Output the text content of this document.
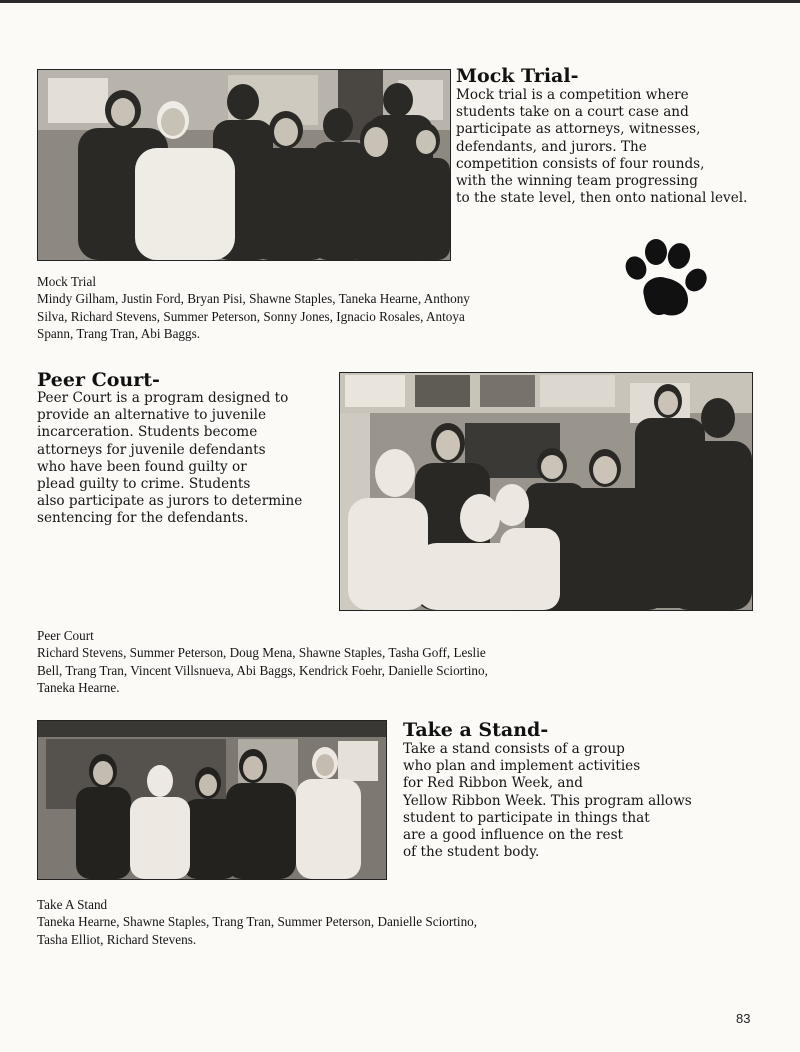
Mock Trial-
Mock trial is a competition where
students take on a court case and
participate as attorneys, witnesses,
defendants, and jurors. The
competition consists of four rounds,
with the winning team progressing
to the state level, then onto national level.
Mock Trial
Mindy Gilham, Justin Ford, Bryan Pisi, Shawne Staples, Taneka Hearne, Anthony
Silva, Richard Stevens, Summer Peterson, Sonny Jones, Ignacio Rosales, Antoya
Spann, Trang Tran, Abi Baggs.
Peer Court-
Peer Court is a program designed to
provide an alternative to juvenile
incarceration. Students become
attorneys for juvenile defendants
who have been found guilty or
plead guilty to crime. Students
also participate as jurors to determine
sentencing for the defendants.
Peer Court
Richard Stevens, Summer Peterson, Doug Mena, Shawne Staples, Tasha Goff, Leslie
Bell, Trang Tran, Vincent Villsnueva, Abi Baggs, Kendrick Foehr, Danielle Sciortino,
Taneka Hearne.
Take a Stand-
Take a stand consists of a group
who plan and implement activities
for Red Ribbon Week, and
Yellow Ribbon Week. This program allows
student to participate in things that
are a good influence on the rest
of the student body.
Take A Stand
Taneka Hearne, Shawne Staples, Trang Tran, Summer Peterson, Danielle Sciortino,
Tasha Elliot, Richard Stevens.
83
